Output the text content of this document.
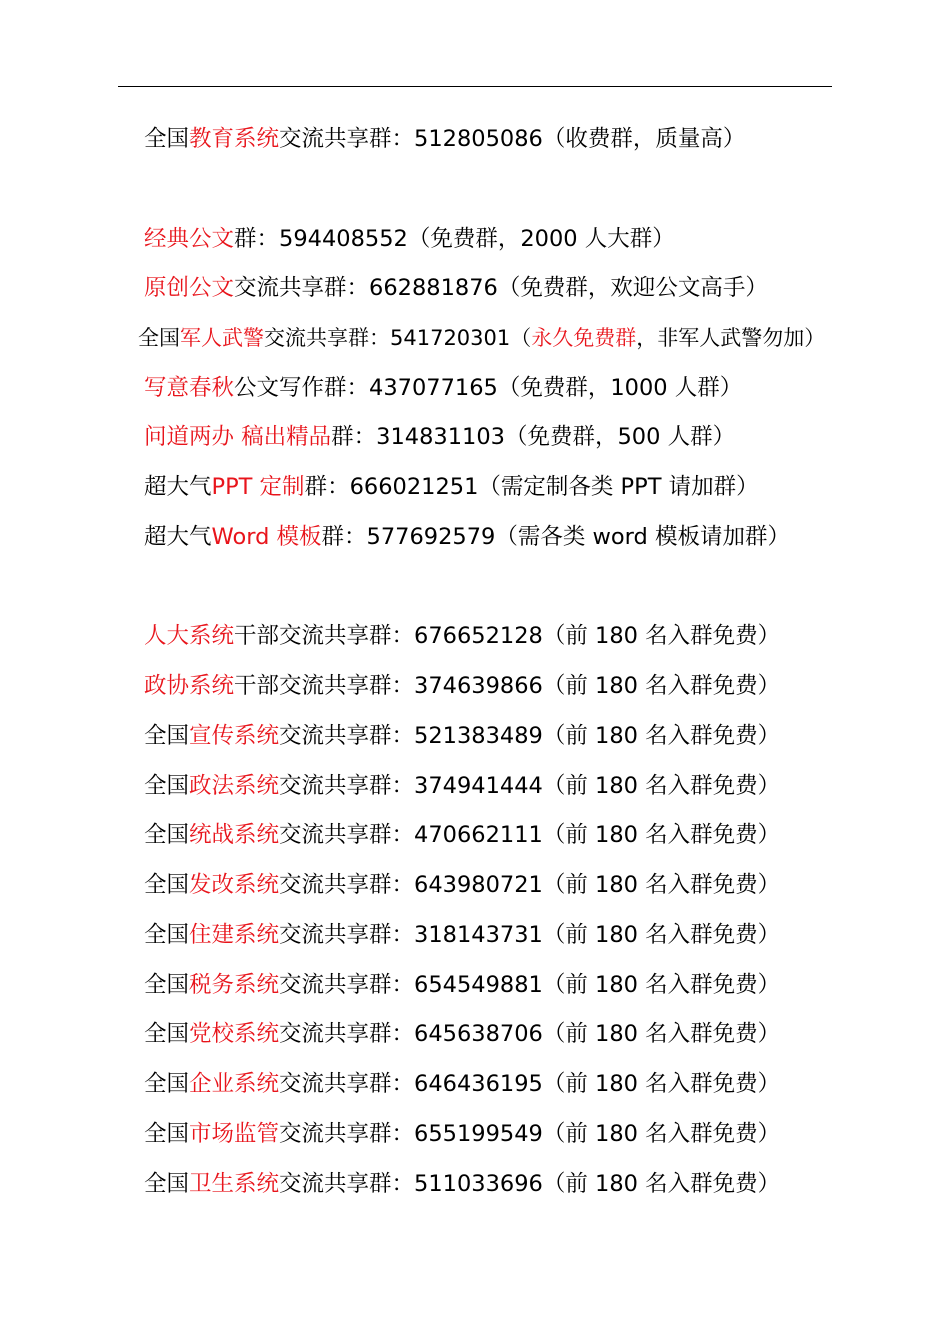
全国教育系统交流共享群：512805086（收费群，质量高）
经典公文群：594408552（免费群，2000 人大群）
原创公文交流共享群：662881876（免费群，欢迎公文高手）
全国军人武警交流共享群：541720301（永久免费群，非军人武警勿加）
写意春秋公文写作群：437077165（免费群，1000 人群）
问道两办 稿出精品群：314831103（免费群，500 人群）
超大气PPT 定制群：666021251（需定制各类 PPT 请加群）
超大气Word 模板群：577692579（需各类 word 模板请加群）
人大系统干部交流共享群：676652128（前 180 名入群免费）
政协系统干部交流共享群：374639866（前 180 名入群免费）
全国宣传系统交流共享群：521383489（前 180 名入群免费）
全国政法系统交流共享群：374941444（前 180 名入群免费）
全国统战系统交流共享群：470662111（前 180 名入群免费）
全国发改系统交流共享群：643980721（前 180 名入群免费）
全国住建系统交流共享群：318143731（前 180 名入群免费）
全国税务系统交流共享群：654549881（前 180 名入群免费）
全国党校系统交流共享群：645638706（前 180 名入群免费）
全国企业系统交流共享群：646436195（前 180 名入群免费）
全国市场监管交流共享群：655199549（前 180 名入群免费）
全国卫生系统交流共享群：511033696（前 180 名入群免费）
